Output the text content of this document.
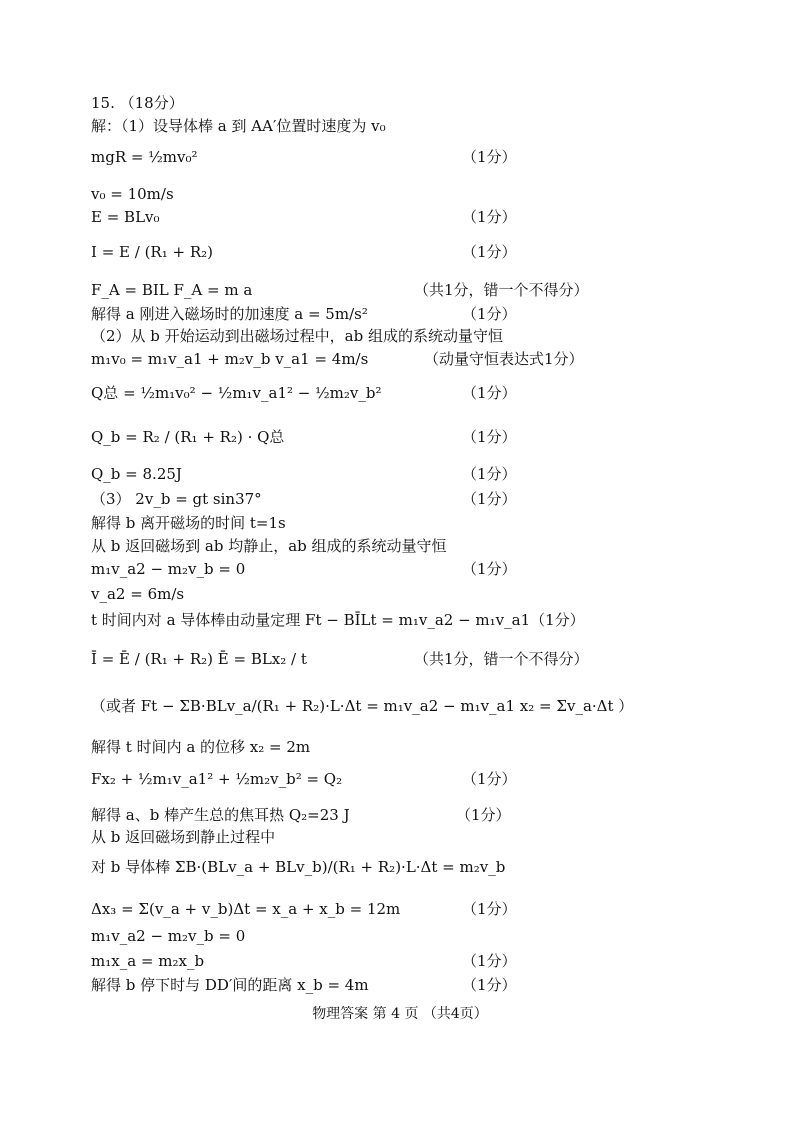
15. （18分）
解：（1）设导体棒 a 到 AA′位置时速度为 v₀
mgR = ½mv₀²	（1分）
v₀ = 10m/s
E = BLv₀	（1分）
I = E / (R₁ + R₂)	（1分）
F_A = BIL F_A = m a	（共1分，错一个不得分）
解得 a 刚进入磁场时的加速度 a = 5m/s²	（1分）
（2）从 b 开始运动到出磁场过程中，ab 组成的系统动量守恒
m₁v₀ = m₁v_a1 + m₂v_b v_a1 = 4m/s	（动量守恒表达式1分）
Q总 = ½m₁v₀² − ½m₁v_a1² − ½m₂v_b²	（1分）
Q_b = R₂ / (R₁ + R₂) · Q总	（1分）
Q_b = 8.25J	（1分）
（3） 2v_b = gt sin37°	（1分）
解得 b 离开磁场的时间 t=1s
从 b 返回磁场到 ab 均静止，ab 组成的系统动量守恒
m₁v_a2 − m₂v_b = 0	（1分）
v_a2 = 6m/s
t 时间内对 a 导体棒由动量定理 Ft − BĪLt = m₁v_a2 − m₁v_a1（1分）
Ī = Ē / (R₁ + R₂) Ē = BLx₂ / t	（共1分，错一个不得分）
（或者 Ft − ΣB·BLv_a/(R₁ + R₂)·L·Δt = m₁v_a2 − m₁v_a1 x₂ = Σv_a·Δt ）
解得 t 时间内 a 的位移 x₂ = 2m
Fx₂ + ½m₁v_a1² + ½m₂v_b² = Q₂	（1分）
解得 a、b 棒产生总的焦耳热 Q₂=23 J	（1分）
从 b 返回磁场到静止过程中
对 b 导体棒 ΣB·(BLv_a + BLv_b)/(R₁ + R₂)·L·Δt = m₂v_b
Δx₃ = Σ(v_a + v_b)Δt = x_a + x_b = 12m	（1分）
m₁v_a2 − m₂v_b = 0
m₁x_a = m₂x_b	（1分）
解得 b 停下时与 DD′间的距离 x_b = 4m	（1分）
物理答案 第 4 页 （共4页）
